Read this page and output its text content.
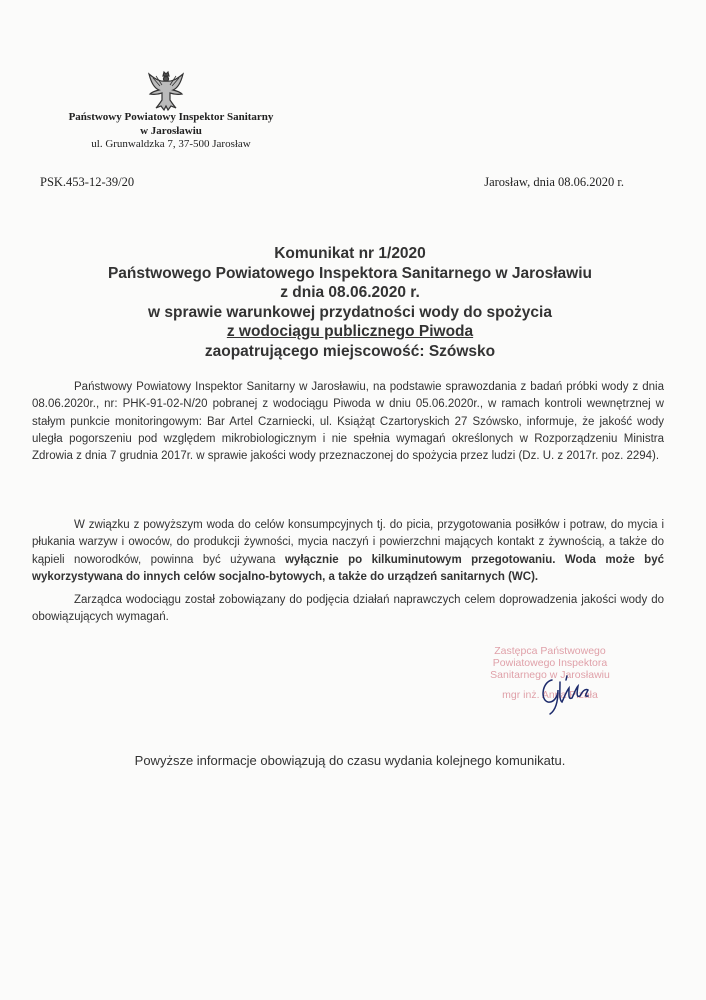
Państwowy Powiatowy Inspektor Sanitarny
w Jarosławiu
ul. Grunwaldzka 7, 37-500 Jarosław
PSK.453-12-39/20	Jarosław, dnia 08.06.2020 r.
Komunikat nr 1/2020
Państwowego Powiatowego Inspektora Sanitarnego w Jarosławiu
z dnia 08.06.2020 r.
w sprawie warunkowej przydatności wody do spożycia
z wodociągu publicznego Piwoda
zaopatrującego miejscowość: Szówsko
Państwowy Powiatowy Inspektor Sanitarny w Jarosławiu, na podstawie sprawozdania z badań próbki wody z dnia 08.06.2020r., nr: PHK-91-02-N/20 pobranej z wodociągu Piwoda w dniu 05.06.2020r., w ramach kontroli wewnętrznej w stałym punkcie monitoringowym: Bar Artel Czarniecki, ul. Książąt Czartoryskich 27 Szówsko, informuje, że jakość wody uległa pogorszeniu pod względem mikrobiologicznym i nie spełnia wymagań określonych w Rozporządzeniu Ministra Zdrowia z dnia 7 grudnia 2017r. w sprawie jakości wody przeznaczonej do spożycia przez ludzi (Dz. U. z 2017r. poz. 2294).
W związku z powyższym woda do celów konsumpcyjnych tj. do picia, przygotowania posiłków i potraw, do mycia i płukania warzyw i owoców, do produkcji żywności, mycia naczyń i powierzchni mających kontakt z żywnością, a także do kąpieli noworodków, powinna być używana wyłącznie po kilkuminutowym przegotowaniu. Woda może być wykorzystywana do innych celów socjalno-bytowych, a także do urządzeń sanitarnych (WC).
Zarządca wodociągu został zobowiązany do podjęcia działań naprawczych celem doprowadzenia jakości wody do obowiązujących wymagań.
Zastępca Państwowego
Powiatowego Inspektora
Sanitarnego w Jarosławiu
mgr inż. Anna Pizała
Powyższe informacje obowiązują do czasu wydania kolejnego komunikatu.
